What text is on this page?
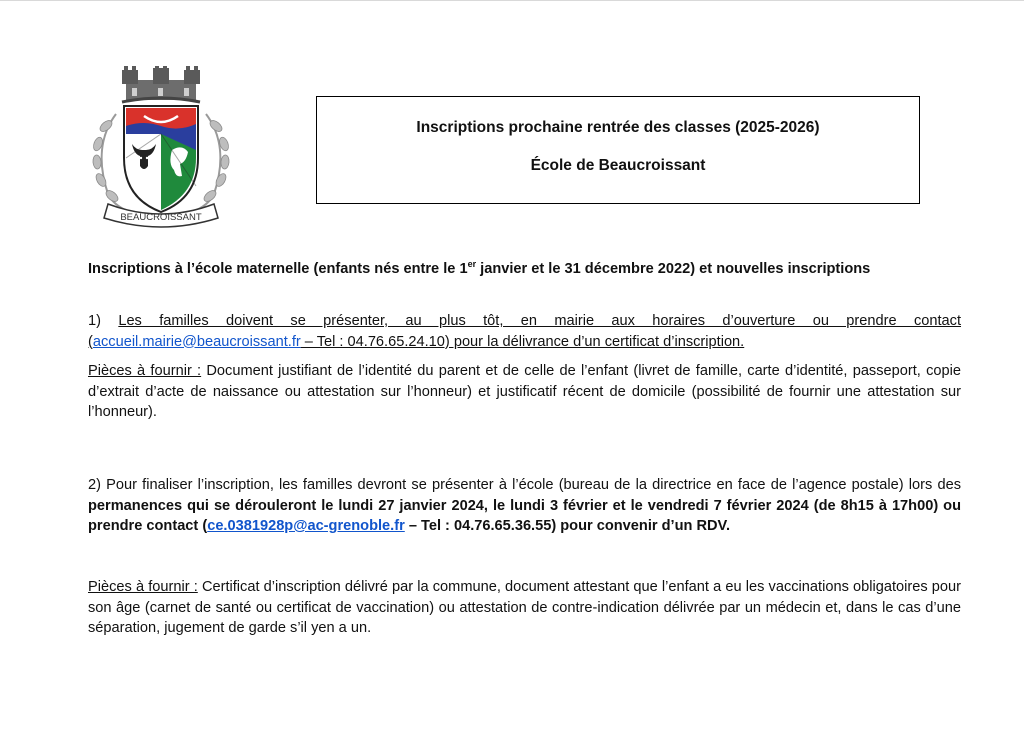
BEAUCROISSANT
Inscriptions prochaine rentrée des classes (2025-2026)
École de Beaucroissant
Inscriptions à l’école maternelle (enfants nés entre le 1er janvier et le 31 décembre 2022) et nouvelles inscriptions
1) Les familles doivent se présenter, au plus tôt, en mairie aux horaires d’ouverture ou prendre contact (accueil.mairie@beaucroissant.fr – Tel : 04.76.65.24.10) pour la délivrance d’un certificat d’inscription.
Pièces à fournir : Document justifiant de l’identité du parent et de celle de l’enfant (livret de famille, carte d’identité, passeport, copie d’extrait d’acte de naissance ou attestation sur l’honneur) et justificatif récent de domicile (possibilité de fournir une attestation sur l’honneur).
2) Pour finaliser l’inscription, les familles devront se présenter à l’école (bureau de la directrice en face de l’agence postale) lors des permanences qui se dérouleront le lundi 27 janvier 2024, le lundi 3 février et le vendredi 7 février 2024 (de 8h15 à 17h00) ou prendre contact (ce.0381928p@ac-grenoble.fr – Tel : 04.76.65.36.55) pour convenir d’un RDV.
Pièces à fournir : Certificat d’inscription délivré par la commune, document attestant que l’enfant a eu les vaccinations obligatoires pour son âge (carnet de santé ou certificat de vaccination) ou attestation de contre-indication délivrée par un médecin et, dans le cas d’une séparation, jugement de garde s’il yen a un.
